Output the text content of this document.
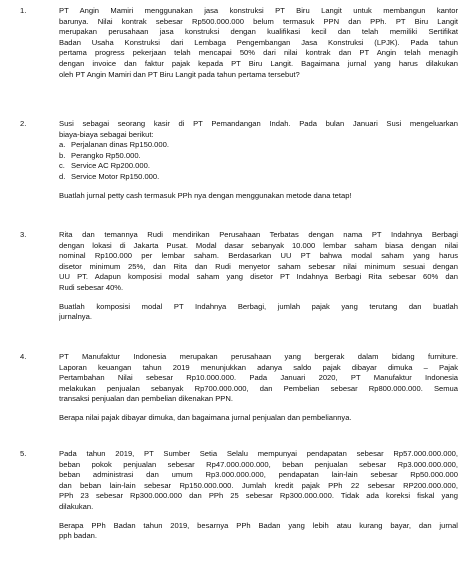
1.	PT Angin Mamiri menggunakan jasa konstruksi PT Biru Langit untuk membangun kantor
barunya. Nilai kontrak sebesar Rp500.000.000 belum termasuk PPN dan PPh. PT Biru Langit
merupakan perusahaan jasa konstruksi dengan kualifikasi kecil dan telah memiliki Sertifikat
Badan Usaha Konstruksi dari Lembaga Pengembangan Jasa Konstruksi (LPJK). Pada tahun
pertama progress pekerjaan telah mencapai 50% dari nilai kontrak dan PT Angin telah menagih
dengan invoice dan faktur pajak kepada PT Biru Langit. Bagaimana jurnal yang harus dilakukan
oleh PT Angin Mamiri dan PT Biru Langit pada tahun pertama tersebut?
2.	Susi sebagai seorang kasir di PT Pemandangan Indah. Pada bulan Januari Susi mengeluarkan
biaya-biaya sebagai berikut:
a. Perjalanan dinas Rp150.000.
b. Perangko Rp50.000.
c. Service AC Rp200.000.
d. Service Motor Rp150.000.
Buatlah jurnal petty cash termasuk PPh nya dengan menggunakan metode dana tetap!
3.	Rita dan temannya Rudi mendirikan Perusahaan Terbatas dengan nama PT Indahnya Berbagi
dengan lokasi di Jakarta Pusat. Modal dasar sebanyak 10.000 lembar saham biasa dengan nilai
nominal Rp100.000 per lembar saham. Berdasarkan UU PT bahwa modal saham yang harus
disetor minimum 25%, dan Rita dan Rudi menyetor saham sebesar nilai minimum sesuai dengan
UU PT. Adapun komposisi modal saham yang disetor PT Indahnya Berbagi Rita sebesar 60% dan
Rudi sebesar 40%.
Buatlah komposisi modal PT Indahnya Berbagi, jumlah pajak yang terutang dan buatlah
jurnalnya.
4.	PT Manufaktur Indonesia merupakan perusahaan yang bergerak dalam bidang furniture.
Laporan keuangan tahun 2019 menunjukkan adanya saldo pajak dibayar dimuka – Pajak
Pertambahan Nilai sebesar Rp10.000.000. Pada Januari 2020, PT Manufaktur Indonesia
melakukan penjualan sebanyak Rp700.000.000, dan Pembelian sebesar Rp800.000.000. Semua
transaksi penjualan dan pembelian dikenakan PPN.
Berapa nilai pajak dibayar dimuka, dan bagaimana jurnal penjualan dan pembeliannya.
5.	Pada tahun 2019, PT Sumber Setia Selalu mempunyai pendapatan sebesar Rp57.000.000.000,
beban pokok penjualan sebesar Rp47.000.000.000, beban penjualan sebesar Rp3.000.000.000,
beban administrasi dan umum Rp3.000.000.000, pendapatan lain-lain sebesar Rp50.000.000
dan beban lain-lain sebesar Rp150.000.000. Jumlah kredit pajak PPh 22 sebesar RP200.000.000,
PPh 23 sebesar Rp300.000.000 dan PPh 25 sebesar Rp300.000.000. Tidak ada koreksi fiskal yang
dilakukan.
Berapa PPh Badan tahun 2019, besarnya PPh Badan yang lebih atau kurang bayar, dan jurnal
pph badan.
